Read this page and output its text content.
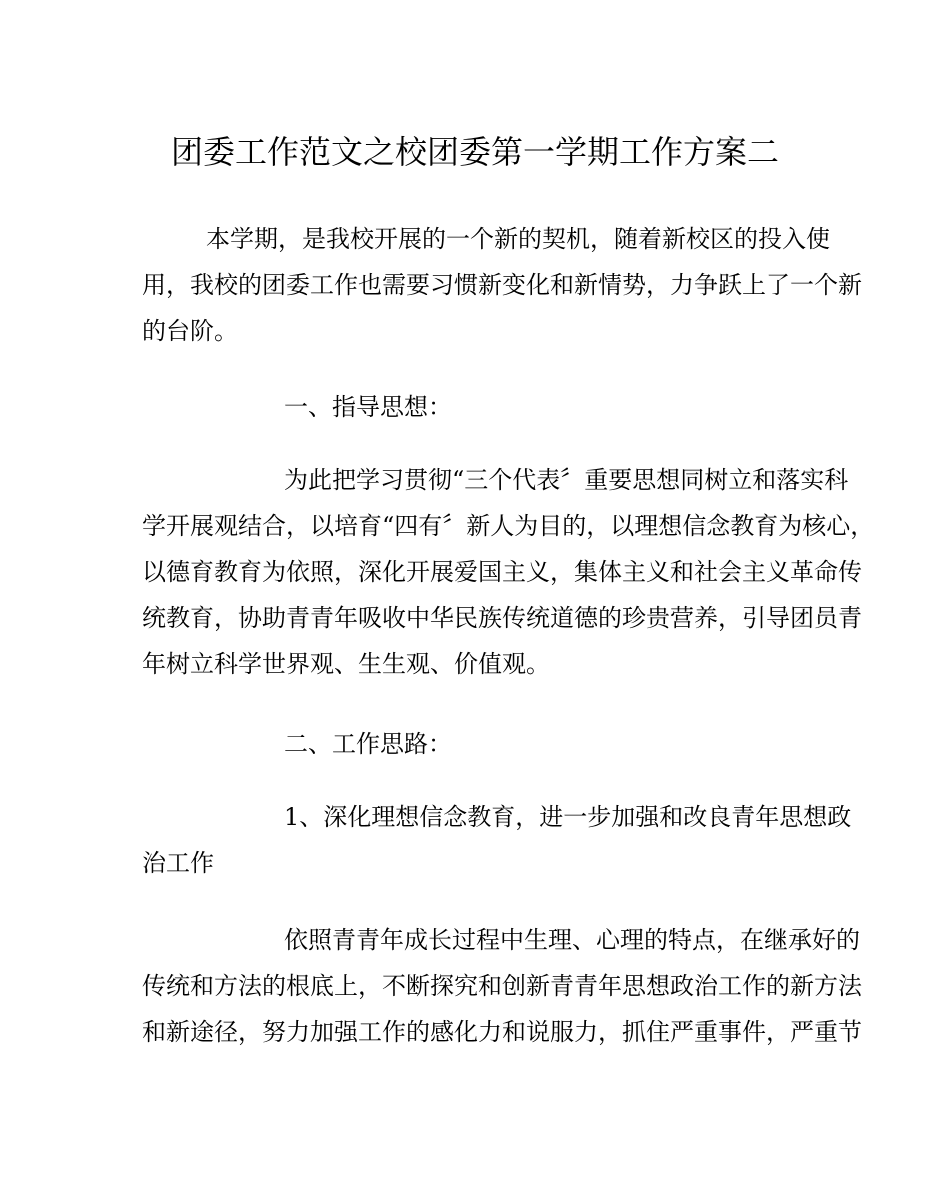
团委工作范文之校团委第一学期工作方案二
本学期，是我校开展的一个新的契机，随着新校区的投入使
用，我校的团委工作也需要习惯新变化和新情势，力争跃上了一个新
的台阶。
一、指导思想：
为此把学习贯彻“三个代表〞重要思想同树立和落实科
学开展观结合，以培育“四有〞新人为目的，以理想信念教育为核心，
以德育教育为依照，深化开展爱国主义，集体主义和社会主义革命传
统教育，协助青青年吸收中华民族传统道德的珍贵营养，引导团员青
年树立科学世界观、生生观、价值观。
二、工作思路：
1、深化理想信念教育，进一步加强和改良青年思想政
治工作
依照青青年成长过程中生理、心理的特点，在继承好的
传统和方法的根底上，不断探究和创新青青年思想政治工作的新方法
和新途径，努力加强工作的感化力和说服力，抓住严重事件，严重节
